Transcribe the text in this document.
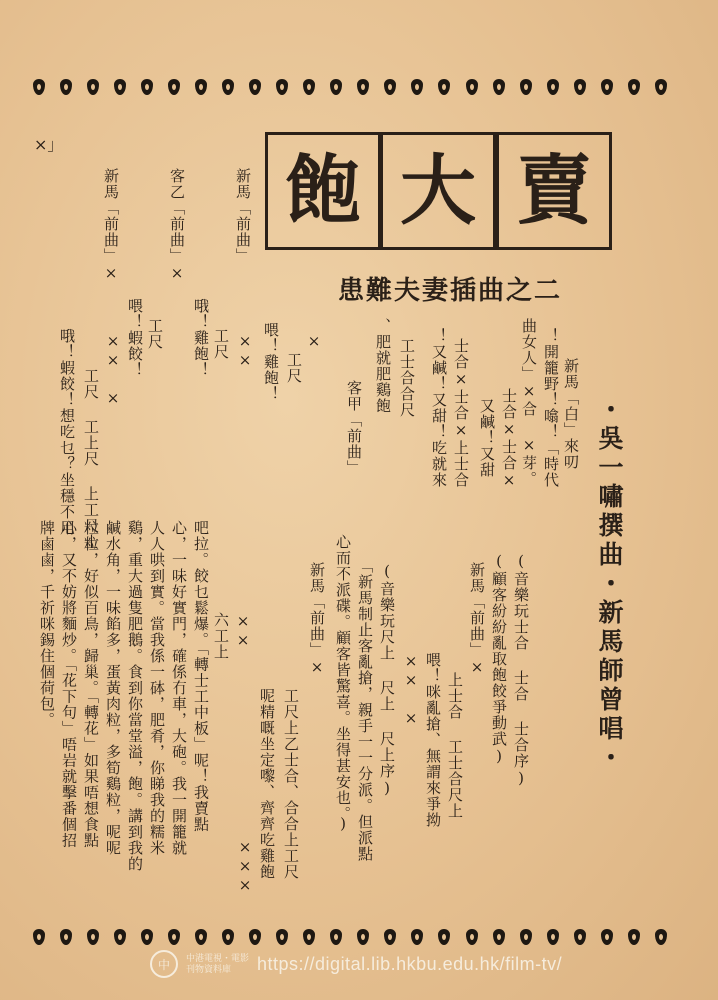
×」
賣
大
飽
患難夫妻插曲之二
・吳一嘯撰曲・新馬師曾唱・
新馬「白」來叨
！開籠野！噏！「時代
曲女人」×合 ×芽。
士合×士合×
又鹹！又甜
士合×士合×上士合
！又鹹！又甜！吃就來
工士合合尺
、肥就肥鷄飽
客甲「前曲」
×
工尺
喂！雞飽！
(音樂玩士合 士合 士合序)
(顧客紛紛亂取飽餃爭動武)
新馬「前曲」×
上士合 工士合尺上
喂！咪亂搶、無謂來爭拗
×× ×
(音樂玩尺上 尺上 尺上序)
「新馬制止客亂搶，親手一一分派。但派點
心而不派碟。顧客皆驚喜。坐得甚安也。)
新馬「前曲」×
工尺上乙士合、合合上工尺
呢精嘅坐定嚟、齊齊吃雞飽
×××
吧拉。餃乜鬆爆。「轉士工中板」呢！我賣點
心，一味好實門，確係冇車，大砲。我一開籠就
人人哄到實。當我係一砵，肥肴，你睇我的糯米
鷄，重大過隻肥鵝。食到你當堂溢，飽。講到我的
鹹水角，一味餡多，蛋黃肉粒，多筍鷄粒，呢呢
粒粒，好似百鳥，歸巢。「轉花」如果唔想食點
心，又不妨將麵炒。「花下句」唔岩就擊番個招
牌鹵鹵，千祈咪錫住個荷包。	六工上 ××
新馬「前曲」
××
工尺
哦！雞飽！
客乙「前曲」×
工尺
喂！蝦餃！
新馬「前曲」×
×× ×
工尺 工上尺 上工尺士
哦！蝦餃！想吃乜？坐穩不用
中	中港電視・電影
刊物資料庫	https://digital.lib.hkbu.edu.hk/film-tv/
